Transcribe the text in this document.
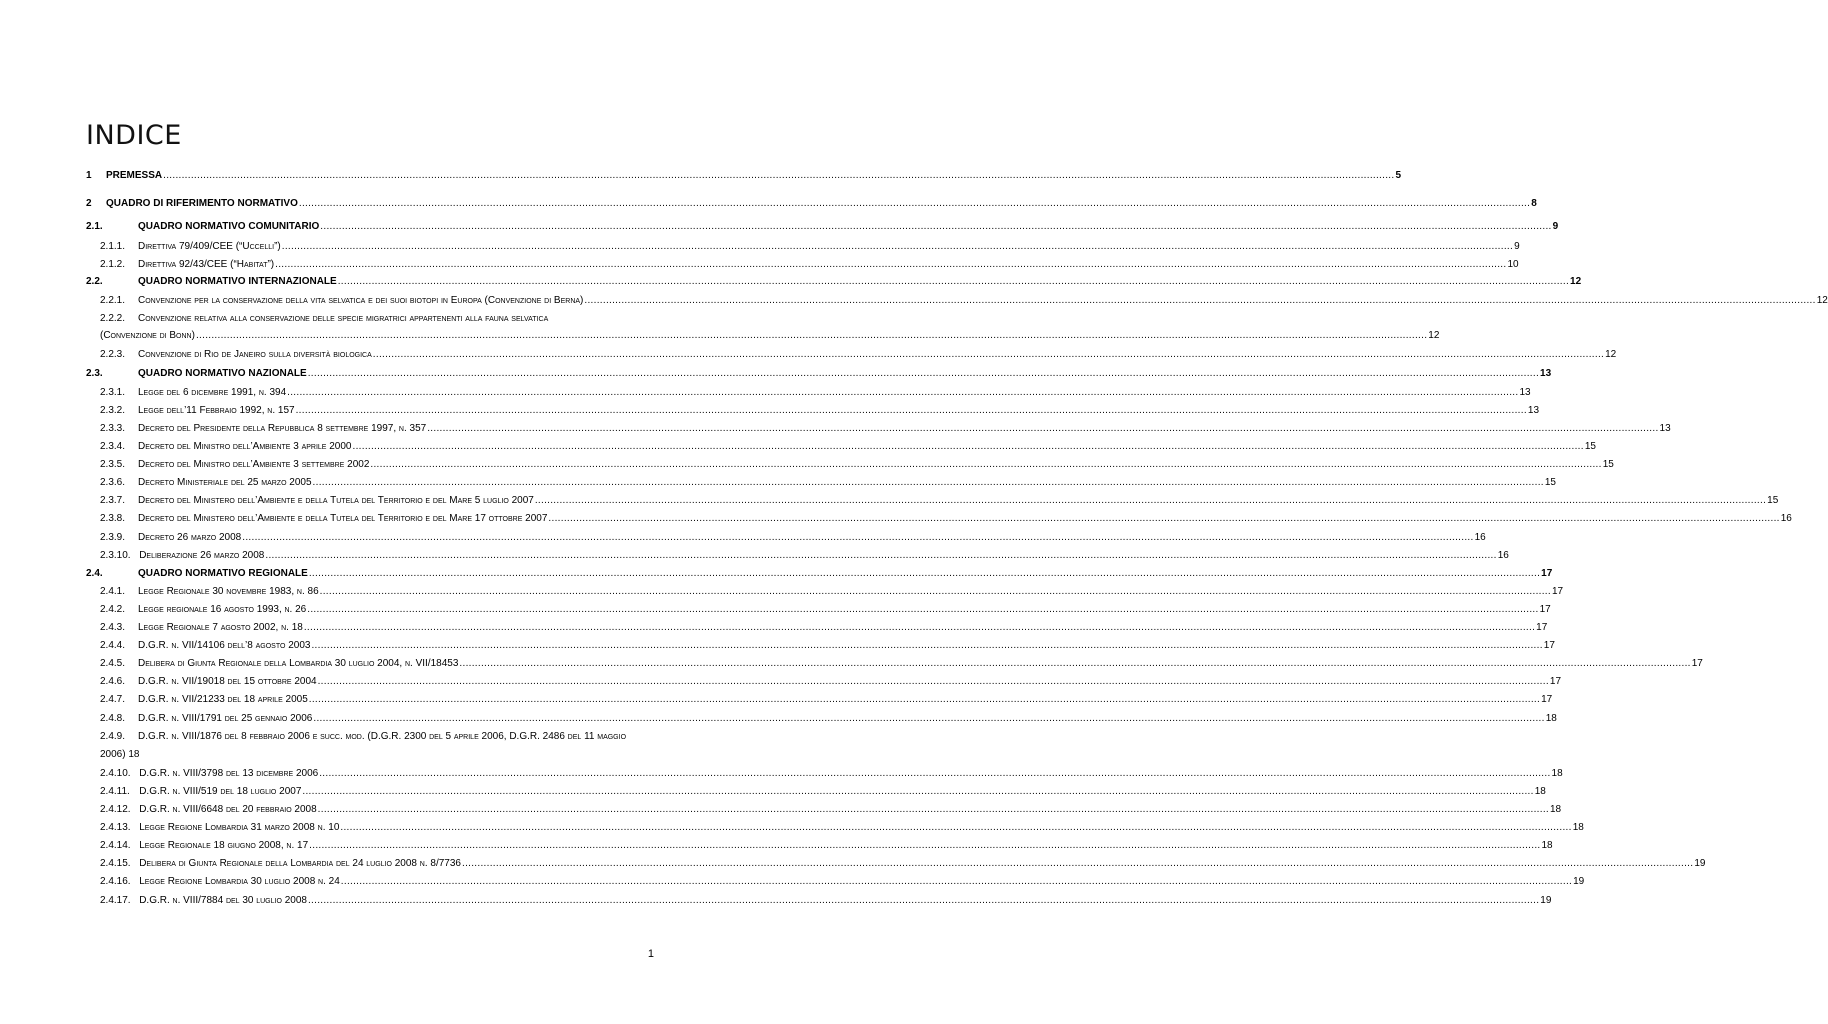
INDICE
1 PREMESSA ................................................................................................................................................................................................................................................................................................................................................................................................................ 5
2 QUADRO DI RIFERIMENTO NORMATIVO ................................................................................................................................................................................................................................................................................................................................................................................................................ 8
2.1.	QUADRO NORMATIVO COMUNITARIO ................................................................................................................................................................................................................................................................................................................................................................................................................ 9
2.1.1. Direttiva 79/409/CEE (“Uccelli”) ................................................................................................................................................................................................................................................................................................................................................................................................................ 9
2.1.2. Direttiva 92/43/CEE (“Habitat”) ................................................................................................................................................................................................................................................................................................................................................................................................................ 10
2.2.	QUADRO NORMATIVO INTERNAZIONALE ................................................................................................................................................................................................................................................................................................................................................................................................................ 12
2.2.1. Convenzione per la conservazione della vita selvatica e dei suoi biotopi in Europa (Convenzione di Berna) ................................................................................................................................................................................................................................................................................................................................................................................................................ 12
2.2.2. Convenzione relativa alla conservazione delle specie migratrici appartenenti alla fauna selvatica
(Convenzione di Bonn) ................................................................................................................................................................................................................................................................................................................................................................................................................ 12
2.2.3. Convenzione di Rio de Janeiro sulla diversità biologica ................................................................................................................................................................................................................................................................................................................................................................................................................ 12
2.3.	QUADRO NORMATIVO NAZIONALE ................................................................................................................................................................................................................................................................................................................................................................................................................ 13
2.3.1. Legge del 6 dicembre 1991, n. 394 ................................................................................................................................................................................................................................................................................................................................................................................................................ 13
2.3.2. Legge dell’11 Febbraio 1992, n. 157 ................................................................................................................................................................................................................................................................................................................................................................................................................ 13
2.3.3. Decreto del Presidente della Repubblica 8 settembre 1997, n. 357 ................................................................................................................................................................................................................................................................................................................................................................................................................ 13
2.3.4. Decreto del Ministro dell’Ambiente 3 aprile 2000 ................................................................................................................................................................................................................................................................................................................................................................................................................ 15
2.3.5. Decreto del Ministro dell’Ambiente 3 settembre 2002 ................................................................................................................................................................................................................................................................................................................................................................................................................ 15
2.3.6. Decreto Ministeriale del 25 marzo 2005 ................................................................................................................................................................................................................................................................................................................................................................................................................ 15
2.3.7. Decreto del Ministero dell’Ambiente e della Tutela del Territorio e del Mare 5 luglio 2007 ................................................................................................................................................................................................................................................................................................................................................................................................................ 15
2.3.8. Decreto del Ministero dell’Ambiente e della Tutela del Territorio e del Mare 17 ottobre 2007 ................................................................................................................................................................................................................................................................................................................................................................................................................ 16
2.3.9. Decreto 26 marzo 2008 ................................................................................................................................................................................................................................................................................................................................................................................................................ 16
2.3.10. Deliberazione 26 marzo 2008 ................................................................................................................................................................................................................................................................................................................................................................................................................ 16
2.4.	QUADRO NORMATIVO REGIONALE ................................................................................................................................................................................................................................................................................................................................................................................................................ 17
2.4.1. Legge Regionale 30 novembre 1983, n. 86 ................................................................................................................................................................................................................................................................................................................................................................................................................ 17
2.4.2. Legge regionale 16 agosto 1993, n. 26 ................................................................................................................................................................................................................................................................................................................................................................................................................ 17
2.4.3. Legge Regionale 7 agosto 2002, n. 18 ................................................................................................................................................................................................................................................................................................................................................................................................................ 17
2.4.4. D.G.R. n. VII/14106 dell’8 agosto 2003 ................................................................................................................................................................................................................................................................................................................................................................................................................ 17
2.4.5. Delibera di Giunta Regionale della Lombardia 30 luglio 2004, n. VII/18453 ................................................................................................................................................................................................................................................................................................................................................................................................................ 17
2.4.6. D.G.R. n. VII/19018 del 15 ottobre 2004 ................................................................................................................................................................................................................................................................................................................................................................................................................ 17
2.4.7. D.G.R. n. VII/21233 del 18 aprile 2005 ................................................................................................................................................................................................................................................................................................................................................................................................................ 17
2.4.8. D.G.R. n. VIII/1791 del 25 gennaio 2006 ................................................................................................................................................................................................................................................................................................................................................................................................................ 18
2.4.9. D.G.R. n. VIII/1876 del 8 febbraio 2006 e succ. mod. (D.G.R. 2300 del 5 aprile 2006, D.G.R. 2486 del 11 maggio
2006) 18
2.4.10. D.G.R. n. VIII/3798 del 13 dicembre 2006 ................................................................................................................................................................................................................................................................................................................................................................................................................ 18
2.4.11. D.G.R. n. VIII/519 del 18 luglio 2007 ................................................................................................................................................................................................................................................................................................................................................................................................................ 18
2.4.12. D.G.R. n. VIII/6648 del 20 febbraio 2008 ................................................................................................................................................................................................................................................................................................................................................................................................................ 18
2.4.13. Legge Regione Lombardia 31 marzo 2008 n. 10 ................................................................................................................................................................................................................................................................................................................................................................................................................ 18
2.4.14. Legge Regionale 18 giugno 2008, n. 17 ................................................................................................................................................................................................................................................................................................................................................................................................................ 18
2.4.15. Delibera di Giunta Regionale della Lombardia del 24 luglio 2008 n. 8/7736 ................................................................................................................................................................................................................................................................................................................................................................................................................ 19
2.4.16. Legge Regione Lombardia 30 luglio 2008 n. 24 ................................................................................................................................................................................................................................................................................................................................................................................................................ 19
2.4.17. D.G.R. n. VIII/7884 del 30 luglio 2008 ................................................................................................................................................................................................................................................................................................................................................................................................................ 19
1
